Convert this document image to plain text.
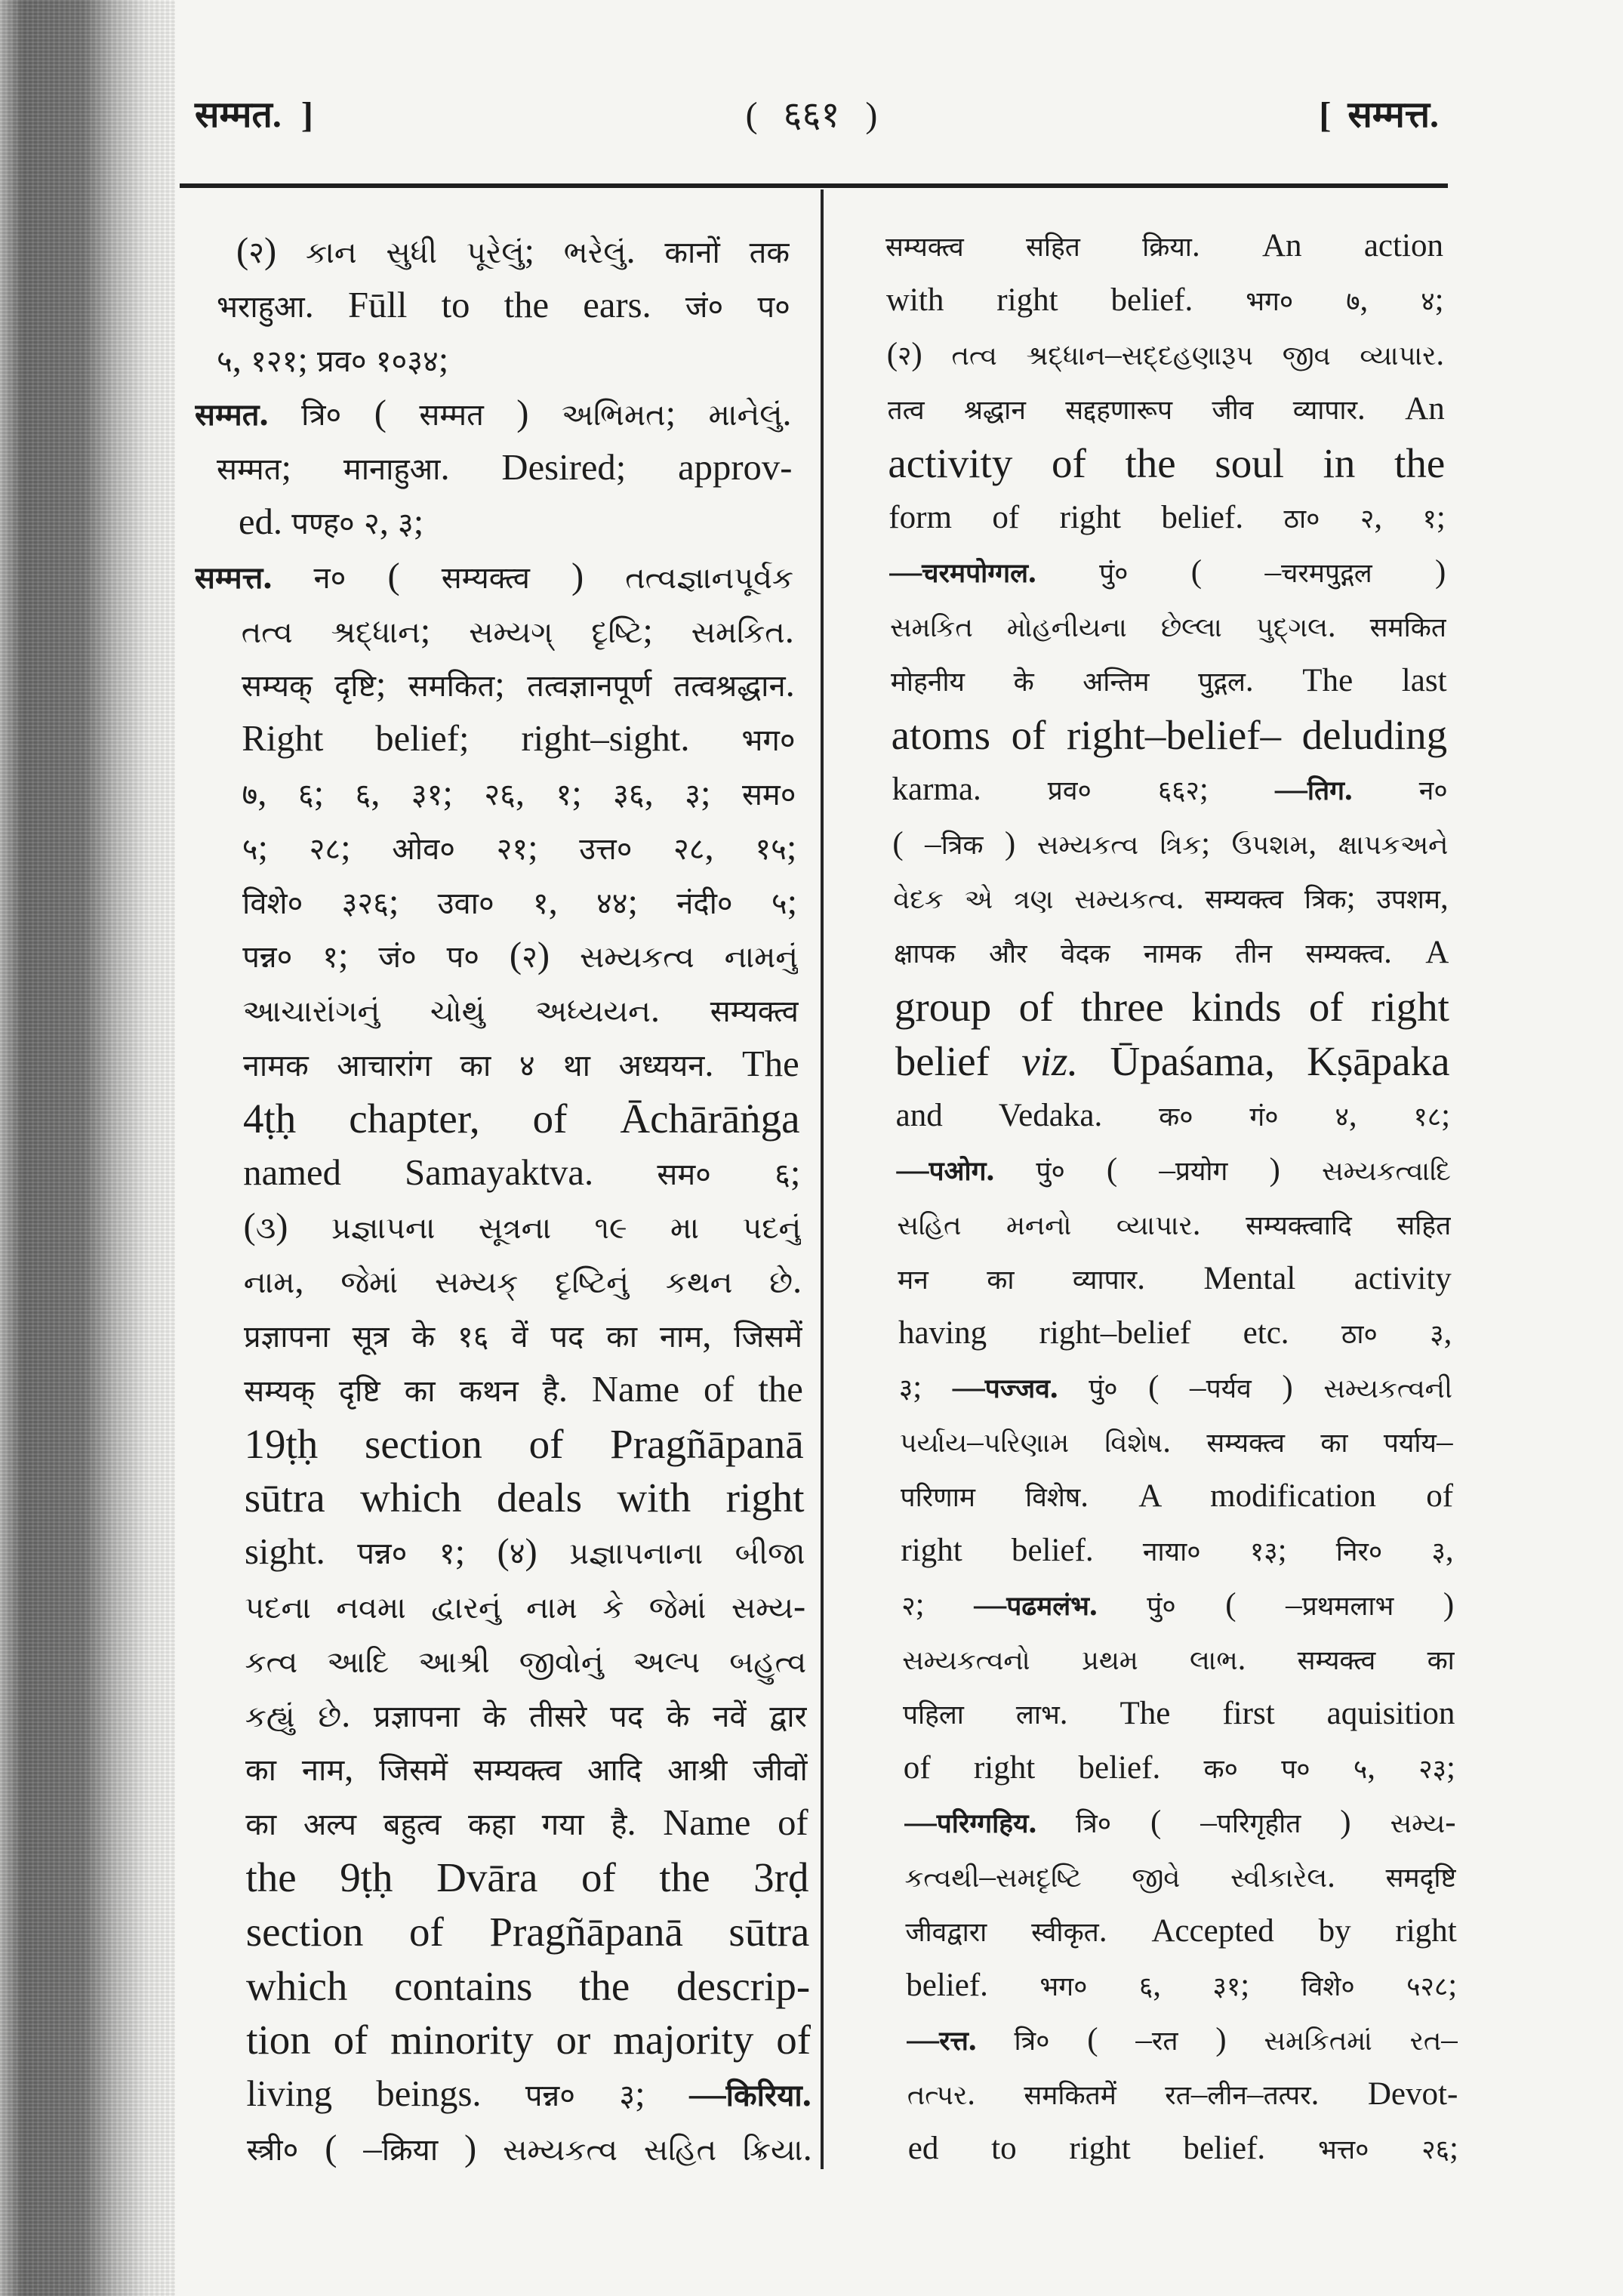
सम्मत. ]	( ६६१ )	[ सम्मत्त.
(२) કાન સુધી પૂરેલું; ભરેલું. कानों तक
भराहुआ. Fūll to the ears. जं० प०
५, १२१; प्रव० १०३४;
सम्मत. त्रि० ( सम्मत ) અભિમત; માનેલું.
सम्मत; मानाहुआ. Desired; approv-
ed. पण्ह० २, ३;
सम्मत्त. न० ( सम्यक्त्व ) તત્વજ્ઞાનપૂર્વક
તત્વ શ્રદ્ધાન; સમ્યગ્ દૃષ્ટિ; સમકિત.
सम्यक् दृष्टि; समकित; तत्वज्ञानपूर्ण तत्वश्रद्धान.
Right belief; right–sight. भग०
७, ६; ६, ३१; २६, १; ३६, ३; सम०
५; २८; ओव० २१; उत्त० २८, १५;
विशे० ३२६; उवा० १, ४४; नंदी० ५;
पन्न० १; जं० प० (२) સમ્યકત્વ નામનું
આચારાંગનું ચોથું અધ્યયન. सम्यक्त्व
नामक आचारांग का ४ था अध्ययन. The
4ṭḥ chapter, of Āchārāṅga
named Samayaktva. सम० ६;
(૩) પ્રજ્ઞાપના સૂત્રના ૧૯ મા પદનું
નામ, જેમાં સમ્યક્ દૃષ્ટિનું કથન છે.
प्रज्ञापना सूत्र के १६ वें पद का नाम, जिसमें
सम्यक् दृष्टि का कथन है. Name of the
19ṭḥ section of Pragñāpanā
sūtra which deals with right
sight. पन्न० १; (४) પ્રજ્ઞાપનાના બીજા
પદના નવમા દ્વારનું નામ કે જેમાં સમ્ય-
કત્વ આદિ આશ્રી જીવોનું અલ્પ બહુત્વ
કહ્યું છે. प्रज्ञापना के तीसरे पद के नवें द्वार
का नाम, जिसमें सम्यक्त्व आदि आश्री जीवों
का अल्प बहुत्व कहा गया है. Name of
the 9ṭḥ Dvāra of the 3rḍ
section of Pragñāpanā sūtra
which contains the descrip-
tion of minority or majority of
living beings. पन्न० ३; —किरिया.
स्त्री० ( –क्रिया ) સમ્યકત્વ સહિત ક્રિયા.
सम्यक्त्व सहित क्रिया. An action
with right belief. भग० ७, ४;
(२) તત્વ શ્રદ્ધાન–સદ્દહણારૂપ જીવ વ્યાપાર.
तत्व श्रद्धान सद्दहणारूप जीव व्यापार. An
activity of the soul in the
form of right belief. ठा० २, १;
—चरमपोग्गल. पुं० ( –चरमपुद्गल )
સમકિત મોહનીયના છેલ્લા પુદ્ગલ. समकित
मोहनीय के अन्तिम पुद्गल. The last
atoms of right–belief– deluding
karma. प्रव० ६६२; —तिग. न०
( –त्रिक ) સમ્યકત્વ ત્રિક; ઉપશમ, ક્ષાપકઅને
વેદક એ ત્રણ સમ્યકત્વ. सम्यक्त्व त्रिक; उपशम,
क्षापक और वेदक नामक तीन सम्यक्त्व. A
group of three kinds of right
belief viz. Ūpaśama, Kṣāpaka
and Vedaka. क० गं० ४, १८;
—पओग. पुं० ( –प्रयोग ) સમ્યકત્વાદિ
સહિત મનનો વ્યાપાર. सम्यक्त्वादि सहित
मन का व्यापार. Mental activity
having right–belief etc. ठा० ३,
३; —पज्जव. पुं० ( –पर्यव ) સમ્યકત્વની
પર્યાય–પરિણામ વિશેષ. सम्यक्त्व का पर्याय–
परिणाम विशेष. A modification of
right belief. नाया० १३; निर० ३,
२; —पढमलंभ. पुं० ( –प्रथमलाभ )
સમ્યકત્વનો પ્રથમ લાભ. सम्यक्त्व का
पहिला लाभ. The first aquisition
of right belief. क० प० ५, २३;
—परिग्गहिय. त्रि० ( –परिगृहीत ) સમ્ય-
કત્વથી–સમદૃષ્ટિ જીવે સ્વીકારેલ. समदृष्टि
जीवद्वारा स्वीकृत. Accepted by right
belief. भग० ६, ३१; विशे० ५२८;
—रत्त. त्रि० ( –रत ) સમકિતમાં રત–
તત્પર. समकितमें रत–लीन–तत्पर. Devot-
ed to right belief. भत्त० २६;
